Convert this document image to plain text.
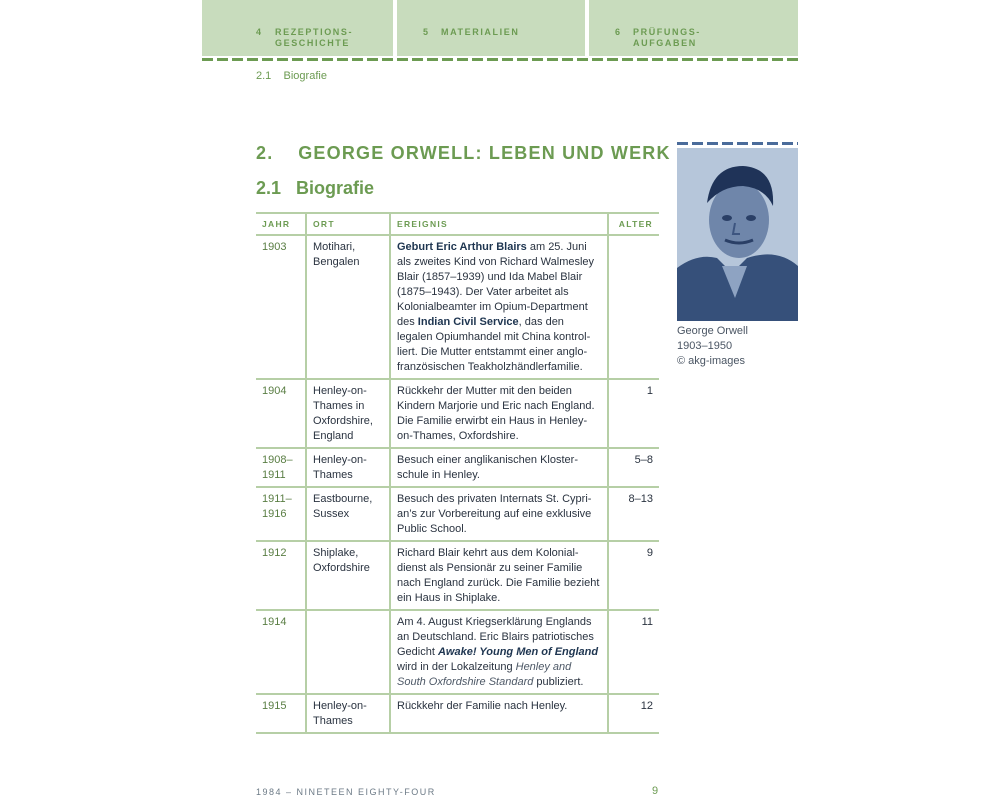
4	REZEPTIONS-
GESCHICHTE
5	MATERIALIEN	6	PRÜFUNGS-
AUFGABEN
2.1    Biografie
2.    GEORGE ORWELL: LEBEN UND WERK
2.1   Biografie
JAHR	ORT	EREIGNIS	ALTER
1903	Motihari, Bengalen	Geburt Eric Arthur Blairs am 25. Juni als zweites Kind von Richard Walmesley Blair (1857–1939) und Ida Mabel Blair (1875–1943). Der Vater arbeitet als Kolonialbeamter im Opium-Department des Indian Civil Service, das den legalen Opiumhandel mit China kontrolliert. Die Mutter entstammt einer anglofranzösischen Teakholzhändlerfamilie.	
1904	Henley-on-Thames in Oxfordshire, England	Rückkehr der Mutter mit den beiden Kindern Marjorie und Eric nach England. Die Familie erwirbt ein Haus in Henley-on-Thames, Oxfordshire.	1
1908–1911	Henley-on-Thames	Besuch einer anglikanischen Klosterschule in Henley.	5–8
1911–1916	Eastbourne, Sussex	Besuch des privaten Internats St. Cyprian’s zur Vorbereitung auf eine exklusive Public School.	8–13
1912	Shiplake, Oxfordshire	Richard Blair kehrt aus dem Kolonialdienst als Pensionär zu seiner Familie nach England zurück. Die Familie bezieht ein Haus in Shiplake.	9
1914		Am 4. August Kriegserklärung Englands an Deutschland. Eric Blairs patriotisches Gedicht Awake! Young Men of England wird in der Lokalzeitung Henley and South Oxfordshire Standard publiziert.	11
1915	Henley-on-Thames	Rückkehr der Familie nach Henley.	12
George Orwell
1903–1950
© akg-images
1984 – NINETEEN EIGHTY-FOUR	9
